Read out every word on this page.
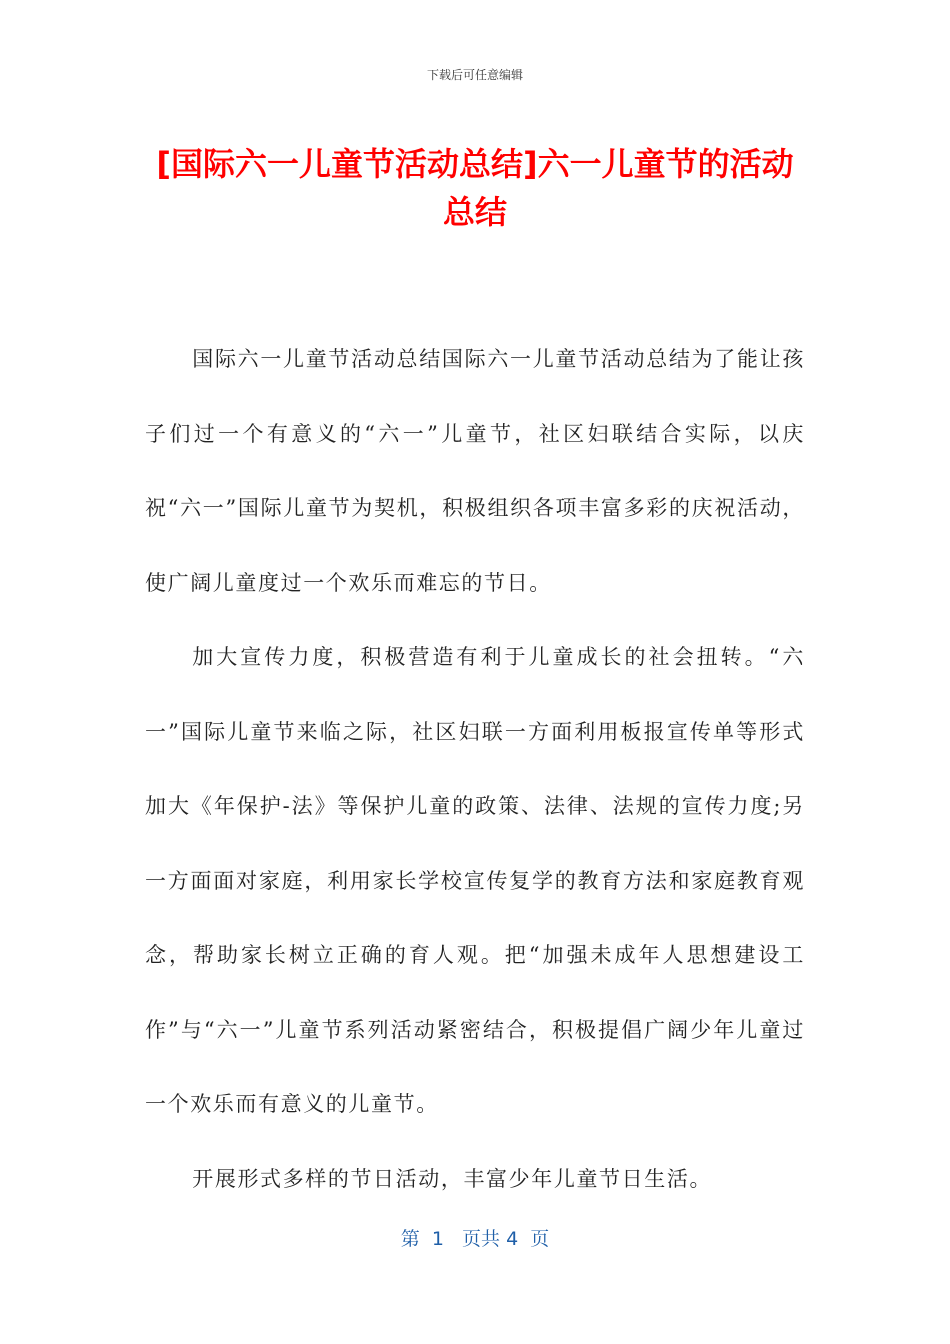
下载后可任意编辑
[国际六一儿童节活动总结]六一儿童节的活动总结

国际六一儿童节活动总结国际六一儿童节活动总结为了能让孩子们过一个有意义的“六一”儿童节，社区妇联结合实际，以庆祝“六一”国际儿童节为契机，积极组织各项丰富多彩的庆祝活动，使广阔儿童度过一个欢乐而难忘的节日。

加大宣传力度，积极营造有利于儿童成长的社会扭转。“六一”国际儿童节来临之际，社区妇联一方面利用板报宣传单等形式加大《年保护-法》等保护儿童的政策、法律、法规的宣传力度;另一方面面对家庭，利用家长学校宣传复学的教育方法和家庭教育观念，帮助家长树立正确的育人观。把“加强未成年人思想建设工作”与“六一”儿童节系列活动紧密结合，积极提倡广阔少年儿童过一个欢乐而有意义的儿童节。

开展形式多样的节日活动，丰富少年儿童节日生活。

第  1   页共 4  页
